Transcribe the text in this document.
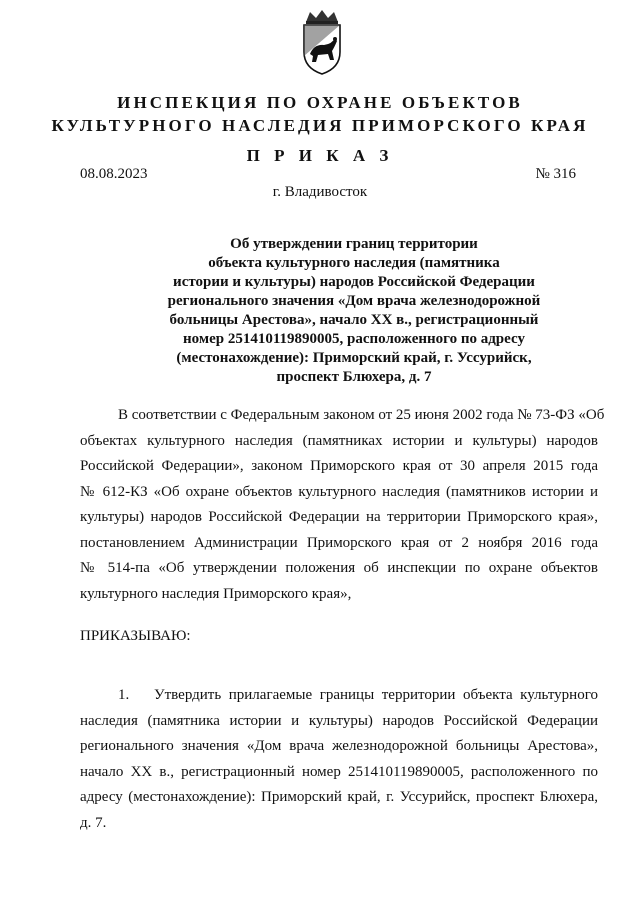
ИНСПЕКЦИЯ ПО ОХРАНЕ ОБЪЕКТОВ
КУЛЬТУРНОГО НАСЛЕДИЯ ПРИМОРСКОГО КРАЯ
П Р И К А З
08.08.2023	№ 316
г. Владивосток
Об утверждении границ территории
объекта культурного наследия (памятника
истории и культуры) народов Российской Федерации
регионального значения «Дом врача железнодорожной
больницы Арестова», начало XX в., регистрационный
номер 251410119890005, расположенного по адресу
(местонахождение): Приморский край, г. Уссурийск,
проспект Блюхера, д. 7
В соответствии с Федеральным законом от 25 июня 2002 года № 73-ФЗ «Об
объектах культурного наследия (памятниках истории и культуры) народов
Российской Федерации», законом Приморского края от 30 апреля 2015 года
№ 612-КЗ «Об охране объектов культурного наследия (памятников истории и
культуры) народов Российской Федерации на территории Приморского края»,
постановлением Администрации Приморского края от 2 ноября 2016 года
№ 514-па «Об утверждении положения об инспекции по охране объектов
культурного наследия Приморского края»,
ПРИКАЗЫВАЮ:
1. Утвердить прилагаемые границы территории объекта культурного
наследия (памятника истории и культуры) народов Российской Федерации
регионального значения «Дом врача железнодорожной больницы Арестова»,
начало XX в., регистрационный номер 251410119890005, расположенного по
адресу (местонахождение): Приморский край, г. Уссурийск, проспект Блюхера,
д. 7.
